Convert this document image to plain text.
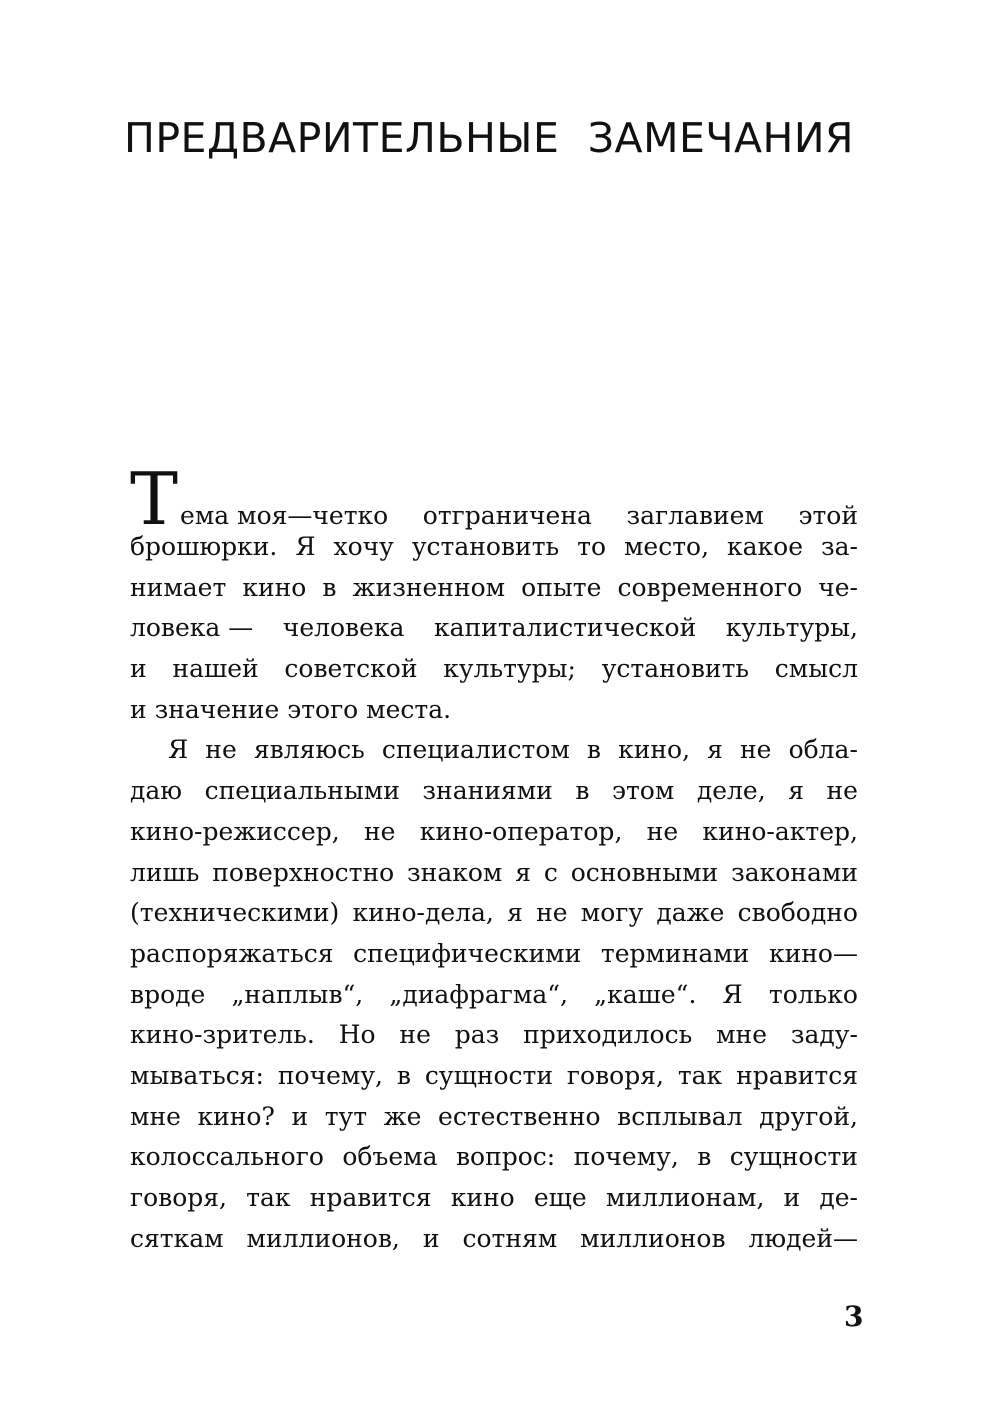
ПРЕДВАРИТЕЛЬНЫЕ ЗАМЕЧАНИЯ
Тема моя—четко отграничена заглавием этой
брошюрки. Я хочу установить то место, какое за-
нимает кино в жизненном опыте современного че-
ловека — человека капиталистической культуры,
и нашей советской культуры; установить смысл
и значение этого места.
Я не являюсь специалистом в кино, я не обла-
даю специальными знаниями в этом деле, я не
кино-режиссер, не кино-оператор, не кино-актер,
лишь поверхностно знаком я с основными законами
(техническими) кино-дела, я не могу даже свободно
распоряжаться специфическими терминами кино—
вроде „наплыв“, „диафрагма“, „каше“. Я только
кино-зритель. Но не раз приходилось мне заду-
мываться: почему, в сущности говоря, так нравится
мне кино? и тут же естественно всплывал другой,
колоссального объема вопрос: почему, в сущности
говоря, так нравится кино еще миллионам, и де-
сяткам миллионов, и сотням миллионов людей—
3
